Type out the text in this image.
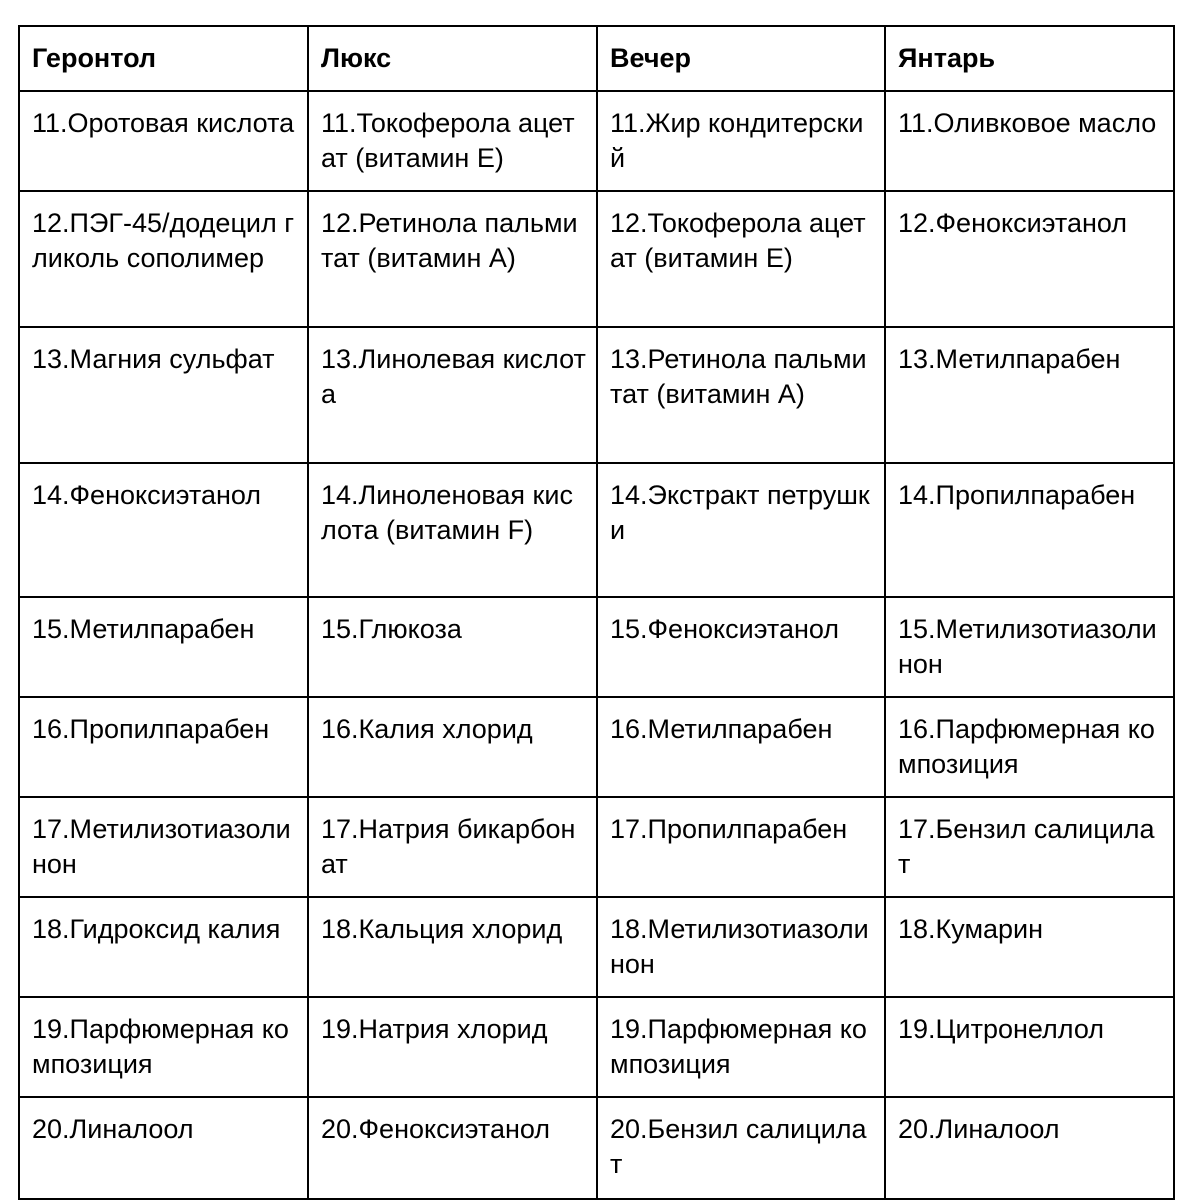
Геронтол	Люкс	Вечер	Янтарь
11.Оротовая кислота	11.Токоферола ацетат (витамин Е)	11.Жир кондитерский	11.Оливковое масло
12.ПЭГ-45/додецил гликоль сополимер	12.Ретинола пальмитат (витамин А)	12.Токоферола ацетат (витамин Е)	12.Феноксиэтанол
13.Магния сульфат	13.Линолевая кислота	13.Ретинола пальмитат (витамин А)	13.Метилпарабен
14.Феноксиэтанол	14.Линоленовая кислота (витамин F)	14.Экстракт петрушки	14.Пропилпарабен
15.Метилпарабен	15.Глюкоза	15.Феноксиэтанол	15.Метилизотиазолинон
16.Пропилпарабен	16.Калия хлорид	16.Метилпарабен	16.Парфюмерная композиция
17.Метилизотиазолинон	17.Натрия бикарбонат	17.Пропилпарабен	17.Бензил салицилат
18.Гидроксид калия	18.Кальция хлорид	18.Метилизотиазолинон	18.Кумарин
19.Парфюмерная композиция	19.Натрия хлорид	19.Парфюмерная композиция	19.Цитронеллол
20.Линалоол	20.Феноксиэтанол	20.Бензил салицилат	20.Линалоол
